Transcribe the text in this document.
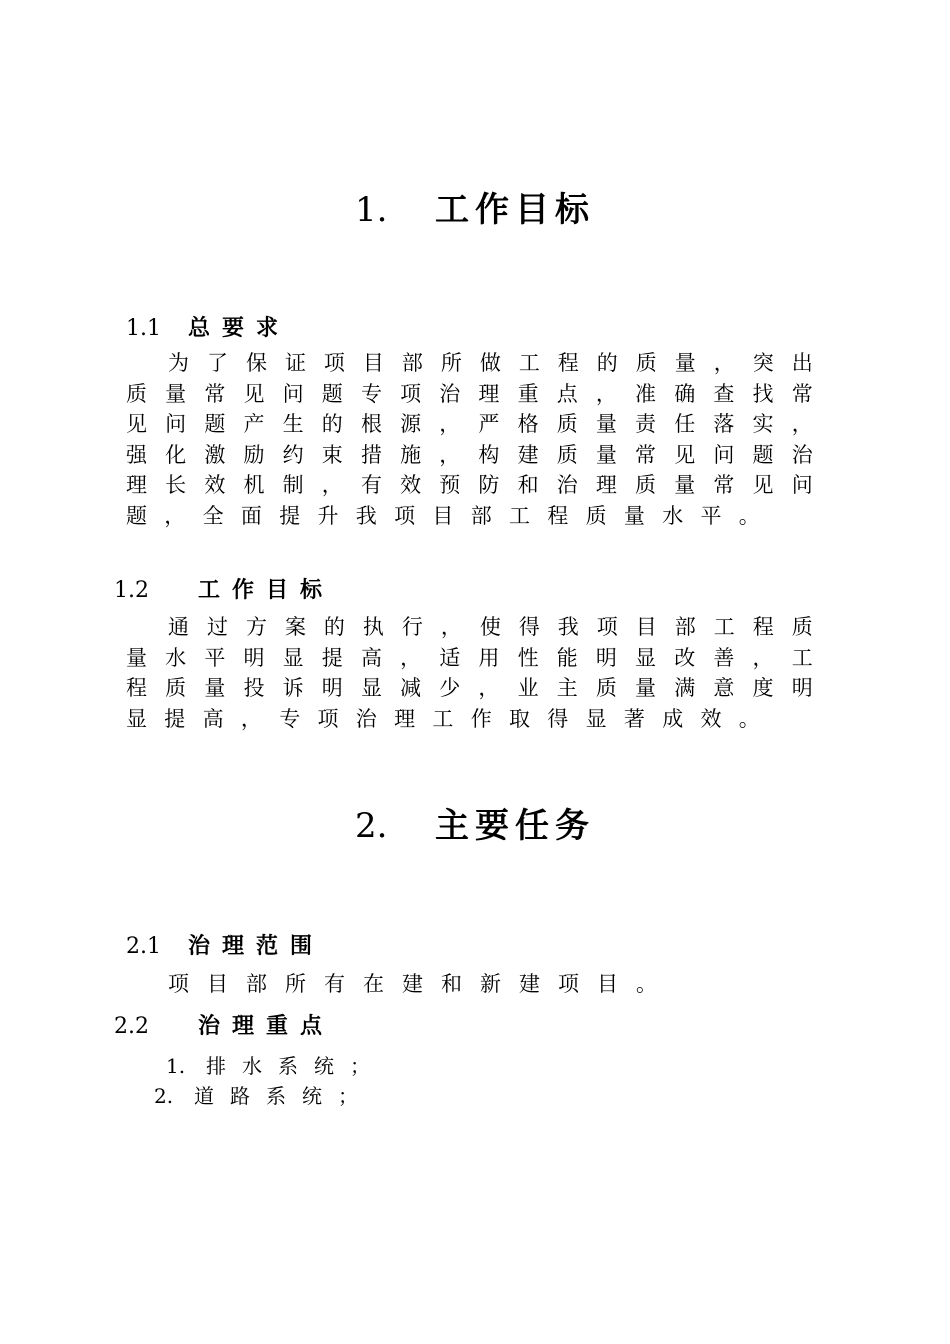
1. 工作目标
1.1 总要求

为了保证项目部所做工程的质量，突出质量常见问题专项治理重点，准确查找常见问题产生的根源，严格质量责任落实，强化激励约束措施，构建质量常见问题治理长效机制，有效预防和治理质量常见问题，全面提升我项目部工程质量水平。

1.2 工作目标

通过方案的执行，使得我项目部工程质量水平明显提高，适用性能明显改善，工程质量投诉明显减少，业主质量满意度明显提高，专项治理工作取得显著成效。

2. 主要任务
2.1 治理范围

项目部所有在建和新建项目。

2.2 治理重点

1. 排水系统；

2. 道路系统；
